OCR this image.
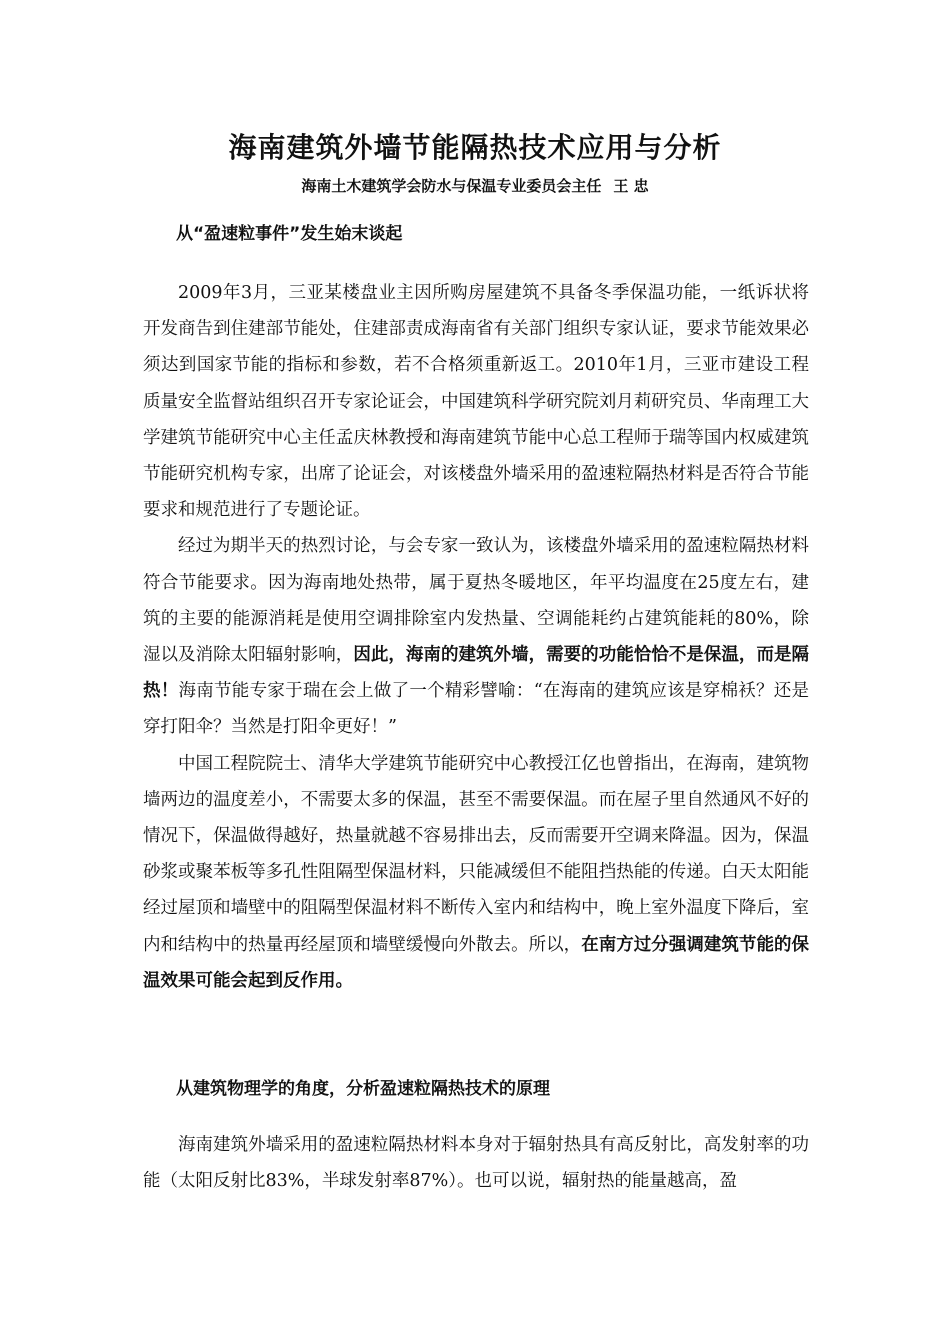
海南建筑外墙节能隔热技术应用与分析

海南土木建筑学会防水与保温专业委员会主任 王 忠

从“盈速粒事件”发生始末谈起

2009年3月，三亚某楼盘业主因所购房屋建筑不具备冬季保温功能，一纸诉状将开发商告到住建部节能处，住建部责成海南省有关部门组织专家认证，要求节能效果必须达到国家节能的指标和参数，若不合格须重新返工。2010年1月，三亚市建设工程质量安全监督站组织召开专家论证会，中国建筑科学研究院刘月莉研究员、华南理工大学建筑节能研究中心主任孟庆林教授和海南建筑节能中心总工程师于瑞等国内权威建筑节能研究机构专家，出席了论证会，对该楼盘外墙采用的盈速粒隔热材料是否符合节能要求和规范进行了专题论证。

经过为期半天的热烈讨论，与会专家一致认为，该楼盘外墙采用的盈速粒隔热材料符合节能要求。因为海南地处热带，属于夏热冬暖地区，年平均温度在25度左右，建筑的主要的能源消耗是使用空调排除室内发热量、空调能耗约占建筑能耗的80%，除湿以及消除太阳辐射影响，因此，海南的建筑外墙，需要的功能恰恰不是保温，而是隔热！海南节能专家于瑞在会上做了一个精彩譬喻：“在海南的建筑应该是穿棉袄？还是穿打阳伞？当然是打阳伞更好！”

中国工程院院士、清华大学建筑节能研究中心教授江亿也曾指出，在海南，建筑物墙两边的温度差小，不需要太多的保温，甚至不需要保温。而在屋子里自然通风不好的情况下，保温做得越好，热量就越不容易排出去，反而需要开空调来降温。因为，保温砂浆或聚苯板等多孔性阻隔型保温材料，只能减缓但不能阻挡热能的传递。白天太阳能经过屋顶和墙壁中的阻隔型保温材料不断传入室内和结构中，晚上室外温度下降后，室内和结构中的热量再经屋顶和墙壁缓慢向外散去。所以，在南方过分强调建筑节能的保温效果可能会起到反作用。

从建筑物理学的角度，分析盈速粒隔热技术的原理

海南建筑外墙采用的盈速粒隔热材料本身对于辐射热具有高反射比，高发射率的功能（太阳反射比83%，半球发射率87%）。也可以说，辐射热的能量越高，盈
